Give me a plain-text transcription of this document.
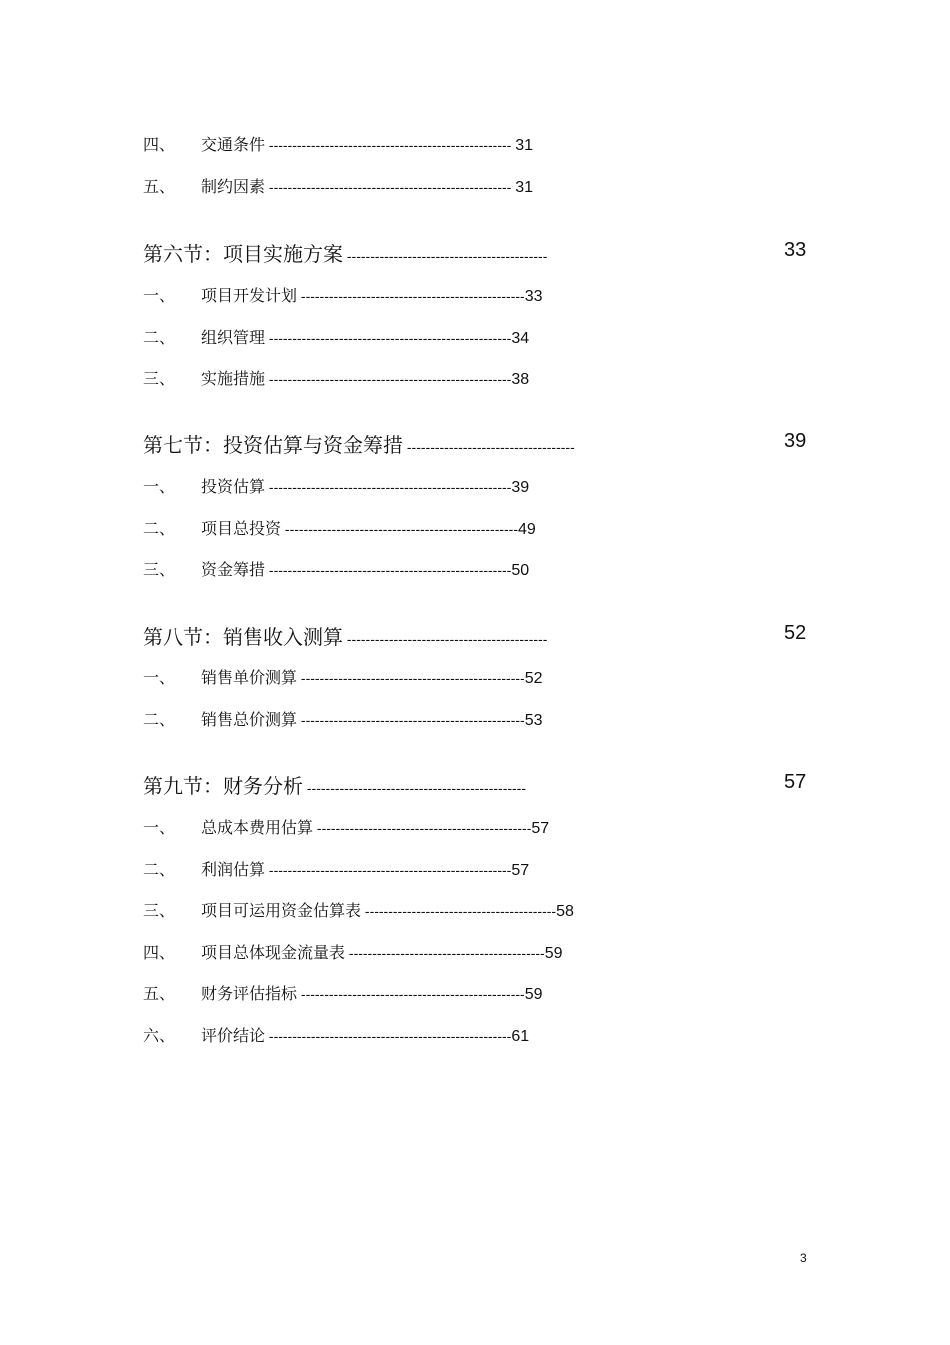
四、 交通条件 ---------------------------------------------------- 31
五、 制约因素 ---------------------------------------------------- 31
第六节：项目实施方案 -------------------------------------------	33
一、 项目开发计划 ------------------------------------------------33
二、 组织管理 ----------------------------------------------------34
三、 实施措施 ----------------------------------------------------38
第七节：投资估算与资金筹措 ------------------------------------	39
一、 投资估算 ----------------------------------------------------39
二、 项目总投资 --------------------------------------------------49
三、 资金筹措 ----------------------------------------------------50
第八节：销售收入测算 -------------------------------------------	52
一、 销售单价测算 ------------------------------------------------52
二、 销售总价测算 ------------------------------------------------53
第九节：财务分析 -----------------------------------------------	57
一、 总成本费用估算 ----------------------------------------------57
二、 利润估算 ----------------------------------------------------57
三、 项目可运用资金估算表 -----------------------------------------58
四、 项目总体现金流量表 ------------------------------------------59
五、 财务评估指标 ------------------------------------------------59
六、 评价结论 ----------------------------------------------------61
3
